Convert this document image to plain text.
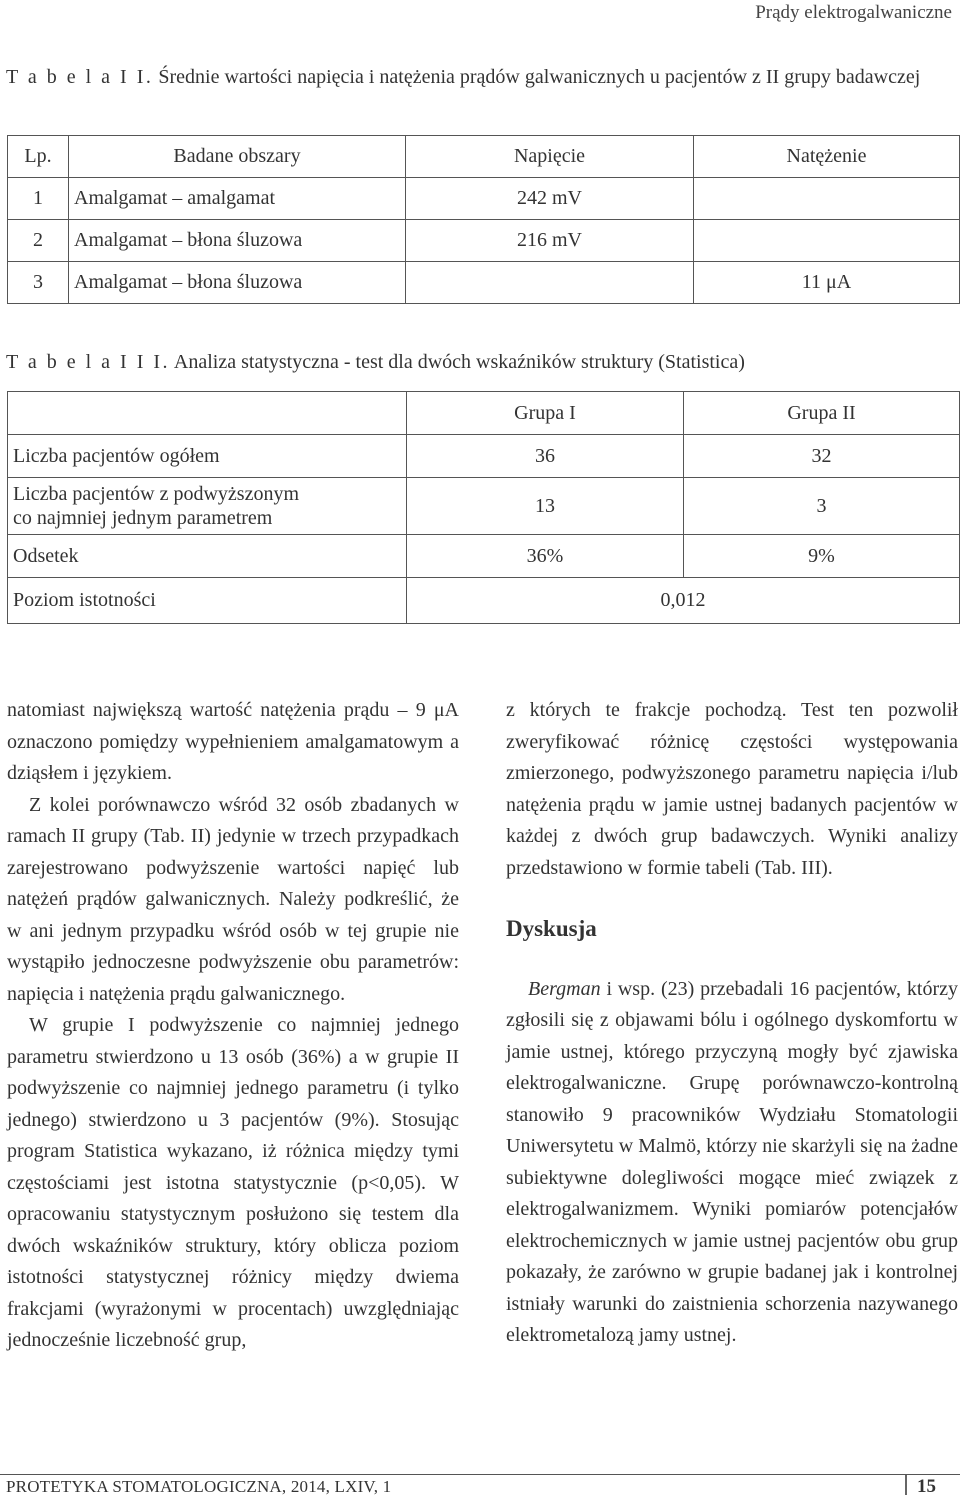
Prądy elektrogalwaniczne
T a b e l a I I. Średnie wartości napięcia i natężenia prądów galwanicznych u pacjentów z II grupy badawczej
Lp.	Badane obszary	Napięcie	Natężenie
1	Amalgamat – amalgamat	242 mV	
2	Amalgamat – błona śluzowa	216 mV	
3	Amalgamat – błona śluzowa		11 μA
T a b e l a I I I. Analiza statystyczna - test dla dwóch wskaźników struktury (Statistica)
	Grupa I	Grupa II
Liczba pacjentów ogółem	36	32
Liczba pacjentów z podwyższonym
co najmniej jednym parametrem	13	3
Odsetek	36%	9%
Poziom istotności	0,012	

natomiast największą wartość natężenia prądu – 9 μA oznaczono pomiędzy wypełnieniem amalgamatowym a dziąsłem i językiem.

Z kolei porównawczo wśród 32 osób zbadanych w ramach II grupy (Tab. II) jedynie w trzech przypadkach zarejestrowano podwyższenie wartości napięć lub natężeń prądów galwanicznych. Należy podkreślić, że w ani jednym przypadku wśród osób w tej grupie nie wystąpiło jednoczesne podwyższenie obu parametrów: napięcia i natężenia prądu galwanicznego.

W grupie I podwyższenie co najmniej jednego parametru stwierdzono u 13 osób (36%) a w grupie II podwyższenie co najmniej jednego parametru (i tylko jednego) stwierdzono u 3 pacjentów (9%). Stosując program Statistica wykazano, iż różnica między tymi częstościami jest istotna statystycznie (p<0,05). W opracowaniu statystycznym posłużono się testem dla dwóch wskaźników struktury, który oblicza poziom istotności statystycznej różnicy między dwiema frakcjami (wyrażonymi w procentach) uwzględniając jednocześnie liczebność grup,

z których te frakcje pochodzą. Test ten pozwolił zweryfikować różnicę częstości występowania zmierzonego, podwyższonego parametru napięcia i/lub natężenia prądu w jamie ustnej badanych pacjentów w każdej z dwóch grup badawczych. Wyniki analizy przedstawiono w formie tabeli (Tab. III).

Dyskusja

Bergman i wsp. (23) przebadali 16 pacjentów, którzy zgłosili się z objawami bólu i ogólnego dyskomfortu w jamie ustnej, którego przyczyną mogły być zjawiska elektrogalwaniczne. Grupę porównawczo-kontrolną stanowiło 9 pracowników Wydziału Stomatologii Uniwersytetu w Malmö, którzy nie skarżyli się na żadne subiektywne dolegliwości mogące mieć związek z elektrogalwanizmem. Wyniki pomiarów potencjałów elektrochemicznych w jamie ustnej pacjentów obu grup pokazały, że zarówno w grupie badanej jak i kontrolnej istniały warunki do zaistnienia schorzenia nazywanego elektrometalozą jamy ustnej.

PROTETYKA STOMATOLOGICZNA, 2014, LXIV, 1	15
